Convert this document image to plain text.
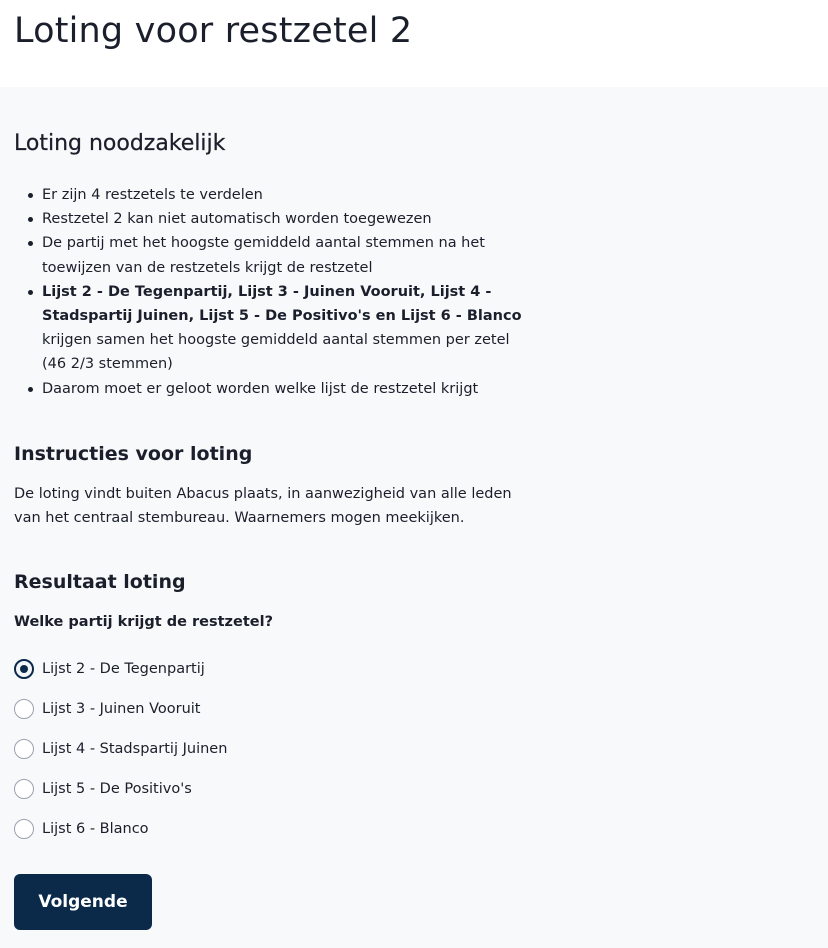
Loting voor restzetel 2
Loting noodzakelijk
Er zijn 4 restzetels te verdelen
Restzetel 2 kan niet automatisch worden toegewezen
De partij met het hoogste gemiddeld aantal stemmen na het toewijzen van de restzetels krijgt de restzetel
Lijst 2 - De Tegenpartij, Lijst 3 - Juinen Vooruit, Lijst 4 - Stadspartij Juinen, Lijst 5 - De Positivo's en Lijst 6 - Blanco krijgen samen het hoogste gemiddeld aantal stemmen per zetel (46 2/3 stemmen)
Daarom moet er geloot worden welke lijst de restzetel krijgt
Instructies voor loting

De loting vindt buiten Abacus plaats, in aanwezigheid van alle leden van het centraal stembureau. Waarnemers mogen meekijken.

Resultaat loting
Welke partij krijgt de restzetel?
Lijst 2 - De Tegenpartij
Lijst 3 - Juinen Vooruit
Lijst 4 - Stadspartij Juinen
Lijst 5 - De Positivo's
Lijst 6 - Blanco
Volgende
